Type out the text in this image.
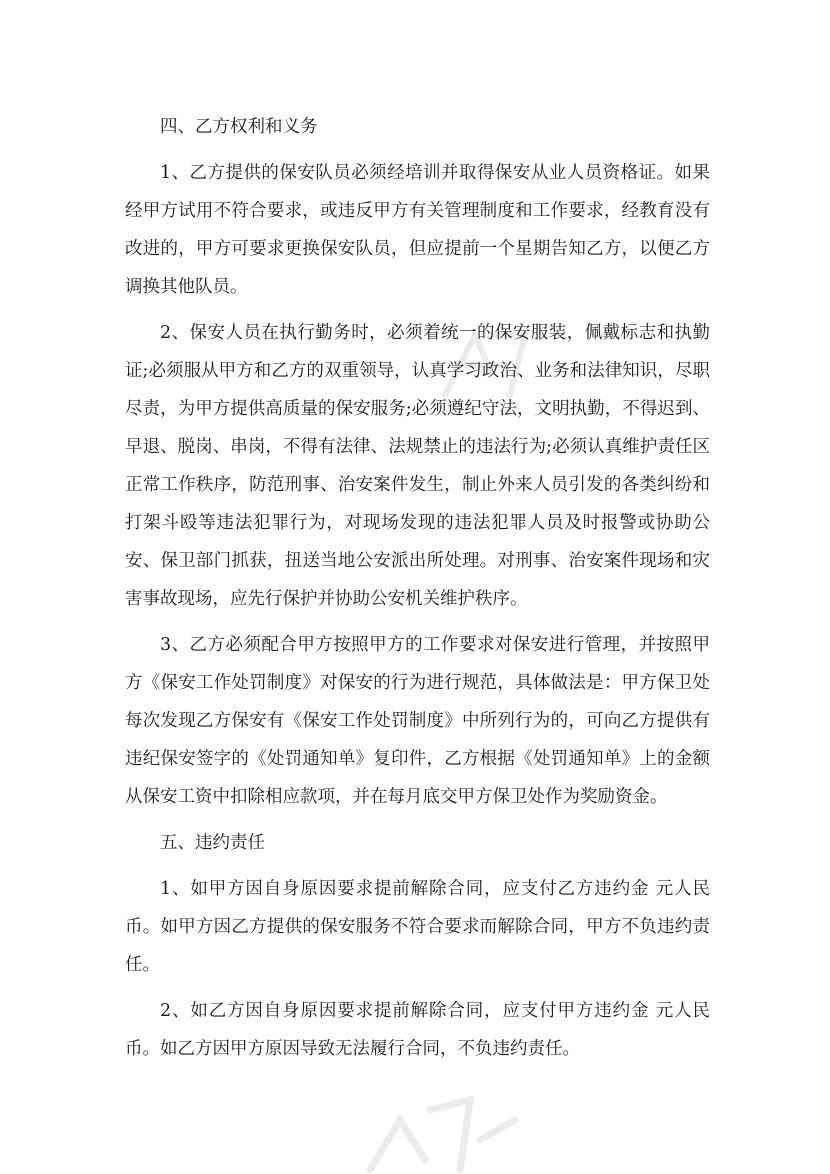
四、乙方权利和义务

1、乙方提供的保安队员必须经培训并取得保安从业人员资格证。如果经甲方试用不符合要求，或违反甲方有关管理制度和工作要求，经教育没有改进的，甲方可要求更换保安队员，但应提前一个星期告知乙方，以便乙方调换其他队员。

2、保安人员在执行勤务时，必须着统一的保安服装，佩戴标志和执勤证;必须服从甲方和乙方的双重领导，认真学习政治、业务和法律知识，尽职尽责，为甲方提供高质量的保安服务;必须遵纪守法，文明执勤，不得迟到、早退、脱岗、串岗，不得有法律、法规禁止的违法行为;必须认真维护责任区正常工作秩序，防范刑事、治安案件发生，制止外来人员引发的各类纠纷和打架斗殴等违法犯罪行为，对现场发现的违法犯罪人员及时报警或协助公安、保卫部门抓获，扭送当地公安派出所处理。对刑事、治安案件现场和灾害事故现场，应先行保护并协助公安机关维护秩序。

3、乙方必须配合甲方按照甲方的工作要求对保安进行管理，并按照甲方《保安工作处罚制度》对保安的行为进行规范，具体做法是：甲方保卫处每次发现乙方保安有《保安工作处罚制度》中所列行为的，可向乙方提供有违纪保安签字的《处罚通知单》复印件，乙方根据《处罚通知单》上的金额从保安工资中扣除相应款项，并在每月底交甲方保卫处作为奖励资金。

五、违约责任

1、如甲方因自身原因要求提前解除合同，应支付乙方违约金 元人民币。如甲方因乙方提供的保安服务不符合要求而解除合同，甲方不负违约责任。

2、如乙方因自身原因要求提前解除合同，应支付甲方违约金 元人民币。如乙方因甲方原因导致无法履行合同，不负违约责任。
